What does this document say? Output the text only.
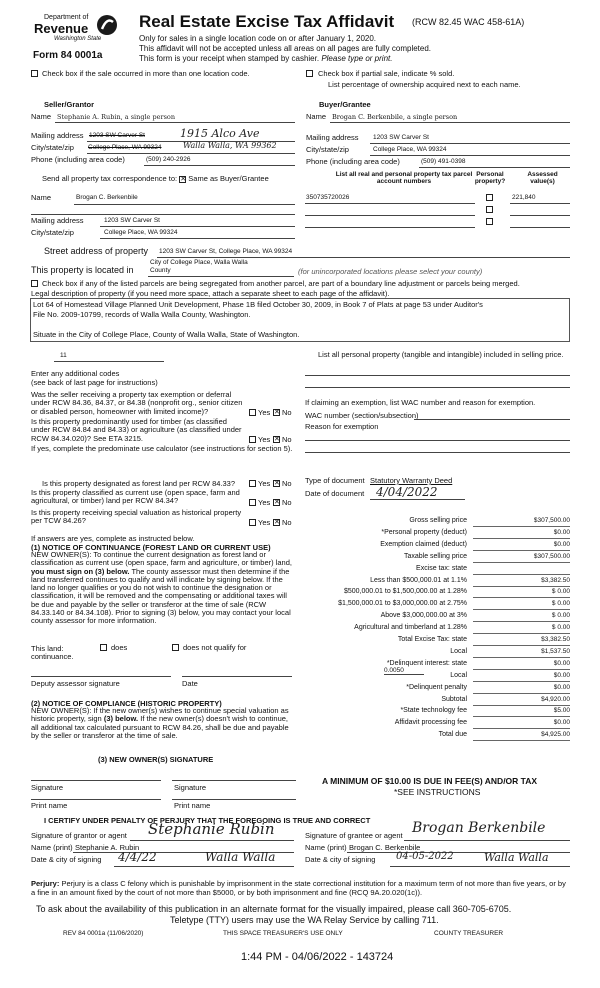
Department of
Revenue
Washington State
Form 84 0001a
Real Estate Excise Tax Affidavit (RCW 82.45 WAC 458-61A)
Only for sales in a single location code on or after January 1, 2020.
This affidavit will not be accepted unless all areas on all pages are fully completed.
This form is your receipt when stamped by cashier. Please type or print.
Check box if the sale occurred in more than one location code.	Check box if partial sale, indicate % sold.
List percentage of ownership acquired next to each name.
Seller/Grantor
Name Stephanie A. Rubin, a single person
Mailing address 1203 SW Carver St	1915 Alco Ave
City/state/zip College Place, WA 99324	Walla Walla, WA 99362
Phone (including area code)	(509) 240-2926
Buyer/Grantee
Name Brogan C. Berkenbile, a single person
Mailing address 1203 SW Carver St
City/state/zip	College Place, WA 99324
Phone (including area code)	(509) 491-0398
Send all property tax correspondence to: ✕ Same as Buyer/Grantee
Name	Brogan C. Berkenbile
Mailing address	1203 SW Carver St
City/state/zip	College Place, WA 99324
List all real and personal property tax parcel account numbers
Personal property?
Assessed value(s)
350735720026	221,840
Street address of property 1203 SW Carver St, College Place, WA 99324
This property is located in
City of College Place, Walla Walla
County	(for unincorporated locations please select your county)
Check box if any of the listed parcels are being segregated from another parcel, are part of a boundary line adjustment or parcels being merged.
Legal description of property (if you need more space, attach a separate sheet to each page of the affidavit).
Lot 64 of Homestead Village Planned Unit Development, Phase 1B filed October 30, 2009, in Book 7 of Plats at page 53 under Auditor's
File No. 2009-10799, records of Walla Walla County, Washington.
Situate in the City of College Place, County of Walla Walla, State of Washington.
11
Enter any additional codes
(see back of last page for instructions)
Was the seller receiving a property tax exemption or deferral under RCW 84.36, 84.37, or 84.38 (nonprofit org., senior citizen or disabled person, homeowner with limited income)?	Yes ✕ No
Is this property predominantly used for timber (as classified under RCW 84.84 and 84.33) or agriculture (as classified under RCW 84.34.020)? See ETA 3215.	Yes ✕ No
If yes, complete the predominate use calculator (see instructions for section 5).
List all personal property (tangible and intangible) included in selling price.
If claiming an exemption, list WAC number and reason for exemption.
WAC number (section/subsection)
Reason for exemption
Is this property designated as forest land per RCW 84.33?	Yes ✕ No
Is this property classified as current use (open space, farm and agricultural, or timber) land per RCW 84.34?	Yes ✕ No
Is this property receiving special valuation as historical property per TCW 84.26?	Yes ✕ No
If answers are yes, complete as instructed below.
(1) NOTICE OF CONTINUANCE (FOREST LAND OR CURRENT USE)
NEW OWNER(S): To continue the current designation as forest land or classification as current use (open space, farm and agriculture, or timber) land, you must sign on (3) below. The county assessor must then determine if the land transferred continues to qualify and will indicate by signing below. If the land no longer qualifies or you do not wish to continue the designation or classification, it will be removed and the compensating or additional taxes will be due and payable by the seller or transferor at the time of sale (RCW 84.33.140 or 84.34.108). Prior to signing (3) below, you may contact your local county assessor for more information.
This land:	does	does not qualify for
continuance.
Deputy assessor signature	Date
(2) NOTICE OF COMPLIANCE (HISTORIC PROPERTY)
NEW OWNER(S): If the new owner(s) wishes to continue special valuation as historic property, sign (3) below. If the new owner(s) doesn't wish to continue, all additional tax calculated pursuant to RCW 84.26, shall be due and payable by the seller or transferor at the time of sale.
(3) NEW OWNER(S) SIGNATURE
Signature	Signature
Print name	Print name
Type of document Statutory Warranty Deed
Date of document 4/04/2022
Gross selling price	$307,500.00
*Personal property (deduct)	$0.00
Exemption claimed (deduct)	$0.00
Taxable selling price	$307,500.00
Excise tax: state
Less than $500,000.01 at 1.1%	$3,382.50
$500,000.01 to $1,500,000.00 at 1.28%	$ 0.00
$1,500,000.01 to $3,000,000.00 at 2.75%	$ 0.00
Above $3,000,000.00 at 3%	$ 0.00
Agricultural and timberland at 1.28%	$ 0.00
Total Excise Tax: state	$3,382.50
Local	$1,537.50
*Delinquent interest: state	$0.00
Local	$0.00
*Delinquent penalty	$0.00
Subtotal	$4,920.00
*State technology fee	$5.00
Affidavit processing fee	$0.00
Total due	$4,925.00
0.0050
A MINIMUM OF $10.00 IS DUE IN FEE(S) AND/OR TAX
*SEE INSTRUCTIONS
I CERTIFY UNDER PENALTY OF PERJURY THAT THE FOREGOING IS TRUE AND CORRECT
Signature of grantor or agent Stephanie Rubin
Name (print) Stephanie A. Rubin
Date & city of signing 4/4/22	Walla Walla
Signature of grantee or agent Brogan Berkenbile
Name (print) Brogan C. Berkenbile
Date & city of signing 04-05-2022	Walla Walla
Perjury: Perjury is a class C felony which is punishable by imprisonment in the state correctional institution for a maximum term of not more than five years, or by a fine in an amount fixed by the court of not more than $5000, or by both imprisonment and fine (RCQ 9A.20.020(1c)).
To ask about the availability of this publication in an alternate format for the visually impaired, please call 360-705-6705.
Teletype (TTY) users may use the WA Relay Service by calling 711.
REV 84 0001a (11/06/2020)	THIS SPACE TREASURER'S USE ONLY	COUNTY TREASURER
1:44 PM - 04/06/2022 - 143724
